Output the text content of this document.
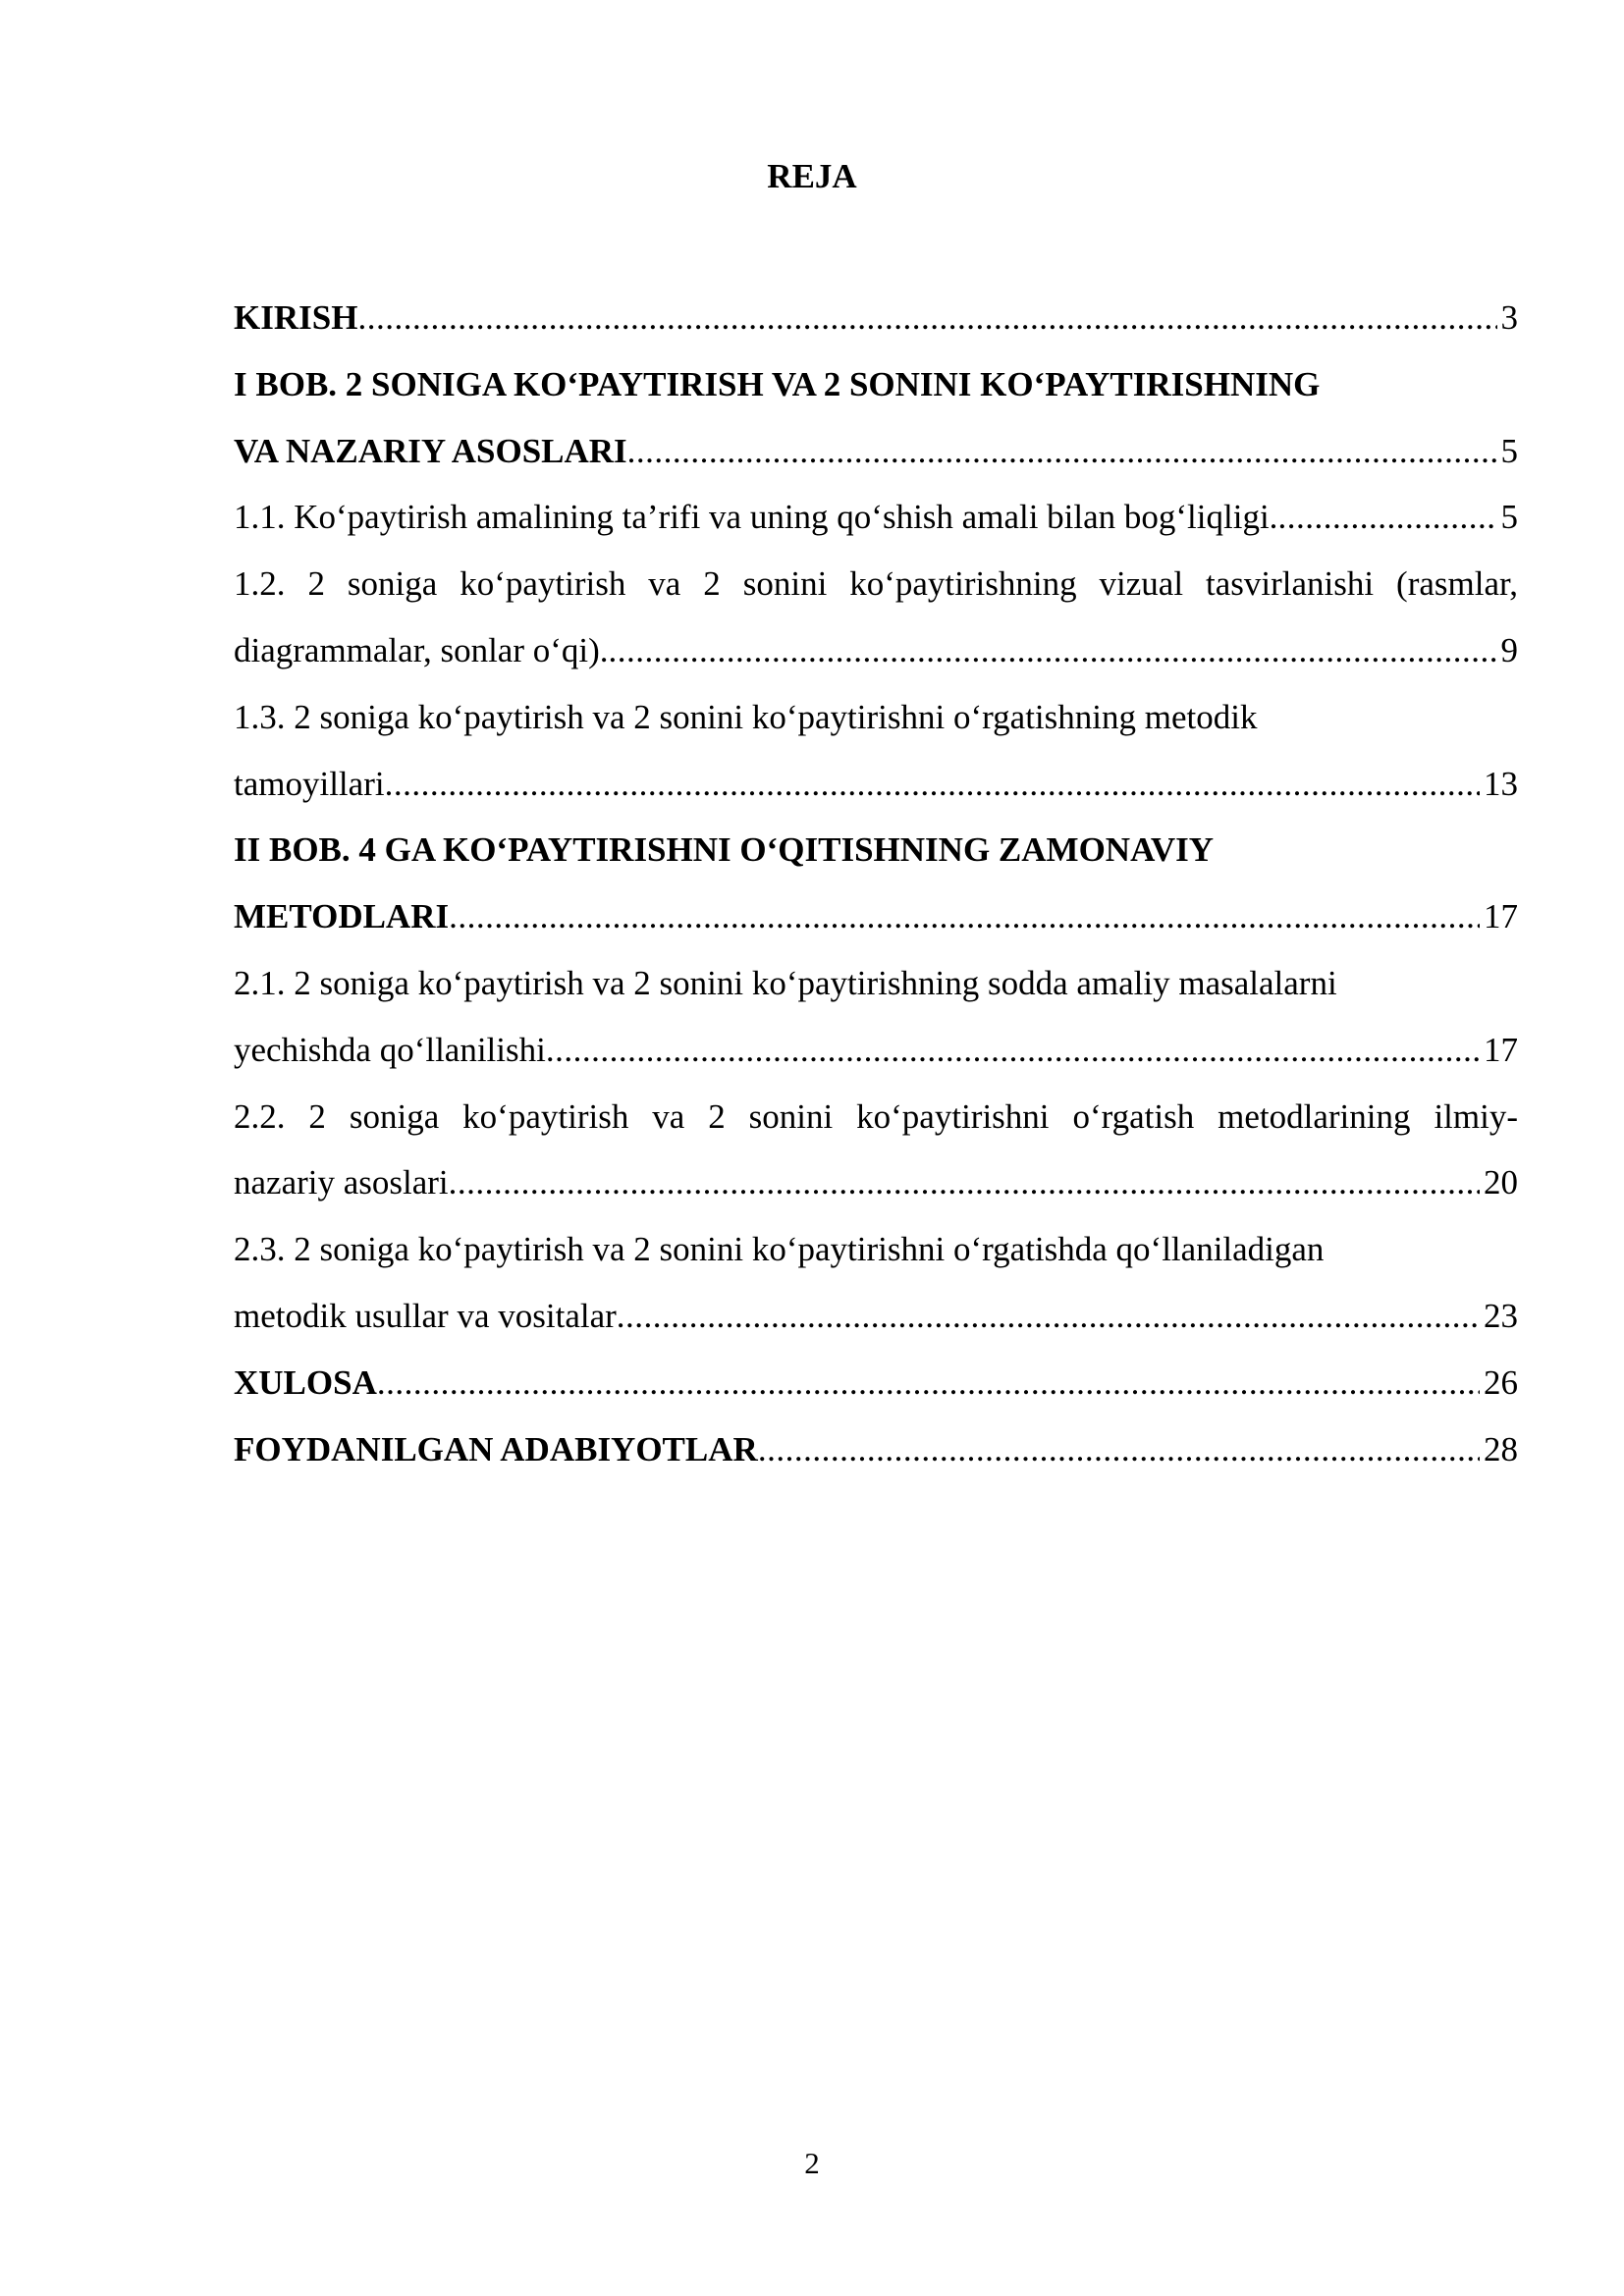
REJA
KIRISH .....	3
I BOB. 2 SONIGA KO‘PAYTIRISH VA 2 SONINI KO‘PAYTIRISHNING
VA NAZARIY ASOSLARI .....	5
1.1. Ko‘paytirish amalining ta’rifi va uning qo‘shish amali bilan bog‘liqligi. .....	5
1.2. 2 soniga ko‘paytirish va 2 sonini ko‘paytirishning vizual tasvirlanishi (rasmlar,
diagrammalar, sonlar o‘qi). .....	9
1.3. 2 soniga ko‘paytirish va 2 sonini ko‘paytirishni o‘rgatishning metodik
tamoyillari .....	13
II BOB. 4 GA KO‘PAYTIRISHNI O‘QITISHNING ZAMONAVIY
METODLARI .....	17
2.1. 2 soniga ko‘paytirish va 2 sonini ko‘paytirishning sodda amaliy masalalarni
yechishda qo‘llanilishi .....	17
2.2. 2 soniga ko‘paytirish va 2 sonini ko‘paytirishni o‘rgatish metodlarining ilmiy-
nazariy asoslari .....	20
2.3. 2 soniga ko‘paytirish va 2 sonini ko‘paytirishni o‘rgatishda qo‘llaniladigan
metodik usullar va vositalar .....	23
XULOSA .....	26
FOYDANILGAN ADABIYOTLAR .....	28
2
